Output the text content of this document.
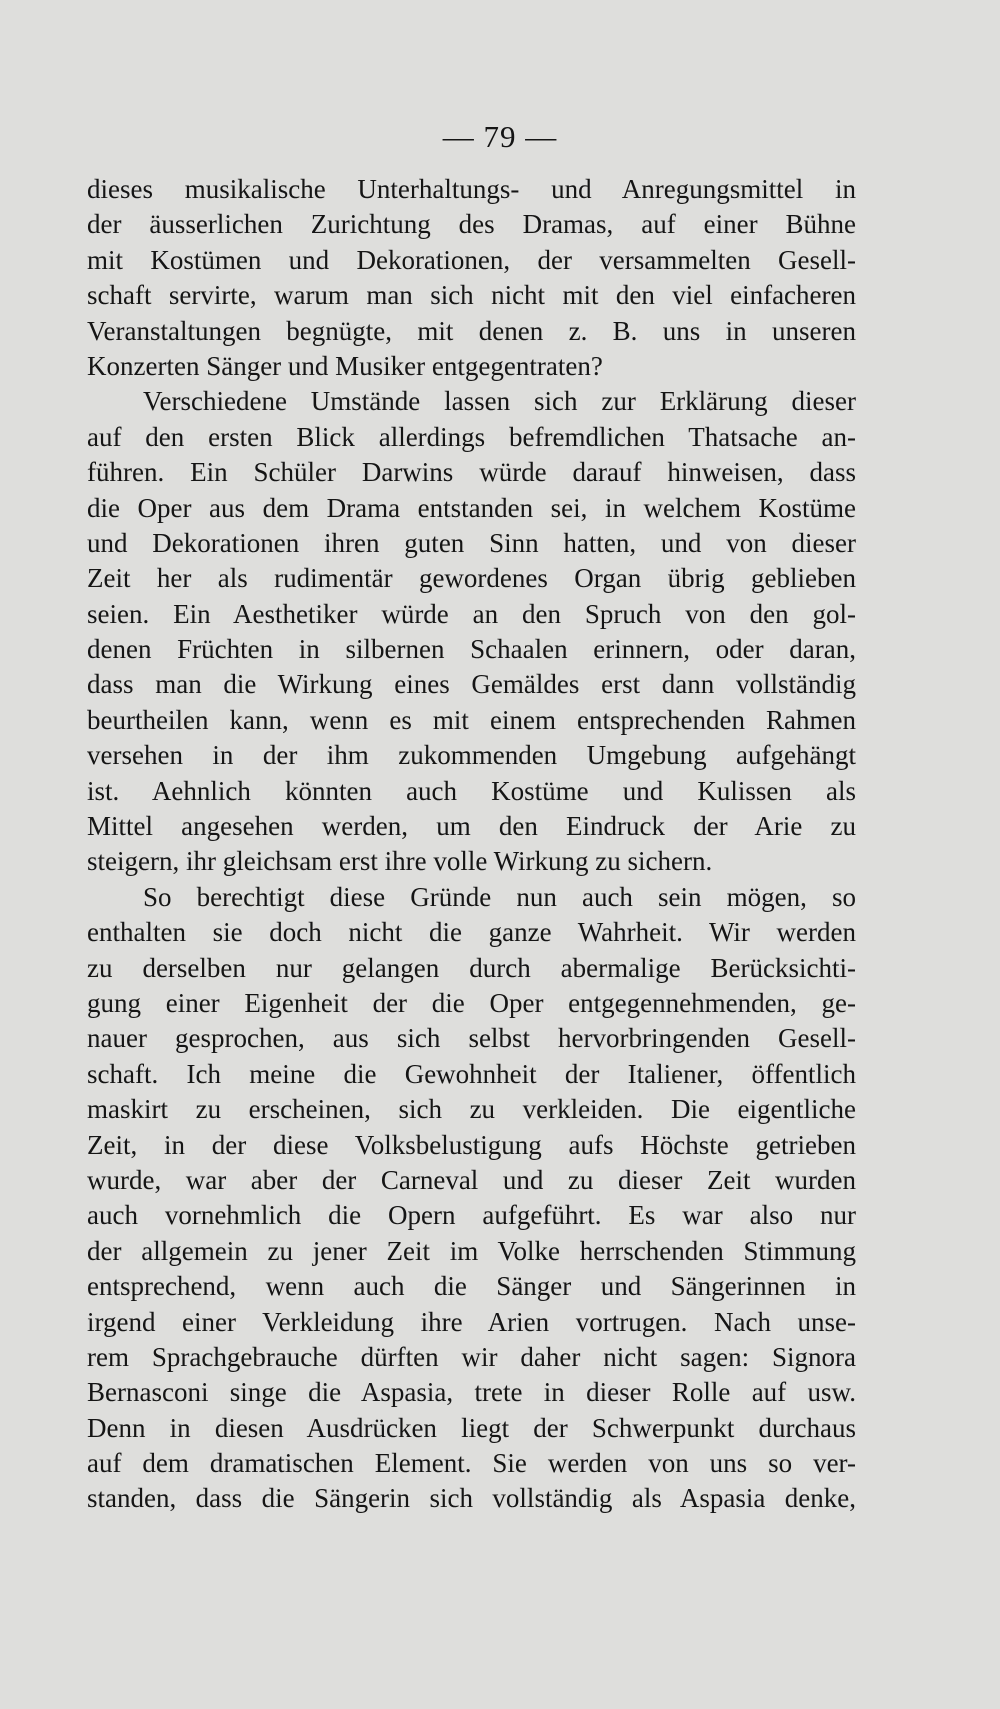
— 79 —
dieses musikalische Unterhaltungs- und Anregungsmittel in
der äusserlichen Zurichtung des Dramas, auf einer Bühne
mit Kostümen und Dekorationen, der versammelten Gesell-
schaft servirte, warum man sich nicht mit den viel einfacheren
Veranstaltungen begnügte, mit denen z. B. uns in unseren
Konzerten Sänger und Musiker entgegentraten?
Verschiedene Umstände lassen sich zur Erklärung dieser
auf den ersten Blick allerdings befremdlichen Thatsache an-
führen. Ein Schüler Darwins würde darauf hinweisen, dass
die Oper aus dem Drama entstanden sei, in welchem Kostüme
und Dekorationen ihren guten Sinn hatten, und von dieser
Zeit her als rudimentär gewordenes Organ übrig geblieben
seien. Ein Aesthetiker würde an den Spruch von den gol-
denen Früchten in silbernen Schaalen erinnern, oder daran,
dass man die Wirkung eines Gemäldes erst dann vollständig
beurtheilen kann, wenn es mit einem entsprechenden Rahmen
versehen in der ihm zukommenden Umgebung aufgehängt
ist. Aehnlich könnten auch Kostüme und Kulissen als
Mittel angesehen werden, um den Eindruck der Arie zu
steigern, ihr gleichsam erst ihre volle Wirkung zu sichern.
So berechtigt diese Gründe nun auch sein mögen, so
enthalten sie doch nicht die ganze Wahrheit. Wir werden
zu derselben nur gelangen durch abermalige Berücksichti-
gung einer Eigenheit der die Oper entgegennehmenden, ge-
nauer gesprochen, aus sich selbst hervorbringenden Gesell-
schaft. Ich meine die Gewohnheit der Italiener, öffentlich
maskirt zu erscheinen, sich zu verkleiden. Die eigentliche
Zeit, in der diese Volksbelustigung aufs Höchste getrieben
wurde, war aber der Carneval und zu dieser Zeit wurden
auch vornehmlich die Opern aufgeführt. Es war also nur
der allgemein zu jener Zeit im Volke herrschenden Stimmung
entsprechend, wenn auch die Sänger und Sängerinnen in
irgend einer Verkleidung ihre Arien vortrugen. Nach unse-
rem Sprachgebrauche dürften wir daher nicht sagen: Signora
Bernasconi singe die Aspasia, trete in dieser Rolle auf usw.
Denn in diesen Ausdrücken liegt der Schwerpunkt durchaus
auf dem dramatischen Element. Sie werden von uns so ver-
standen, dass die Sängerin sich vollständig als Aspasia denke,
